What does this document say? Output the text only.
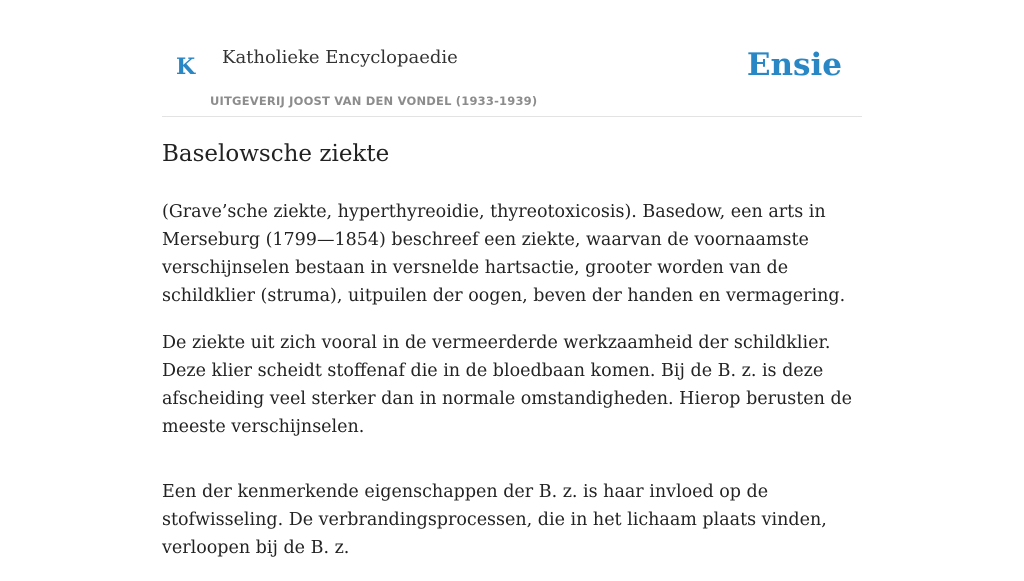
K Katholieke Encyclopaedie
UITGEVERIJ JOOST VAN DEN VONDEL (1933-1939)
Ensie
Baselowsche ziekte

(Grave’sche ziekte, hyperthyreoidie, thyreotoxicosis). Basedow, een arts in Merseburg (1799—1854) beschreef een ziekte, waarvan de voornaamste verschijnselen bestaan in versnelde hartsactie, grooter worden van de schildklier (struma), uitpuilen der oogen, beven der handen en vermagering.

De ziekte uit zich vooral in de vermeerderde werkzaamheid der schildklier. Deze klier scheidt stoffenaf die in de bloedbaan komen. Bij de B. z. is deze afscheiding veel sterker dan in normale omstandigheden. Hierop berusten de meeste verschijnselen.

Een der kenmerkende eigenschappen der B. z. is haar invloed op de stofwisseling. De verbrandingsprocessen, die in het lichaam plaats vinden, verloopen bij de B. z.
